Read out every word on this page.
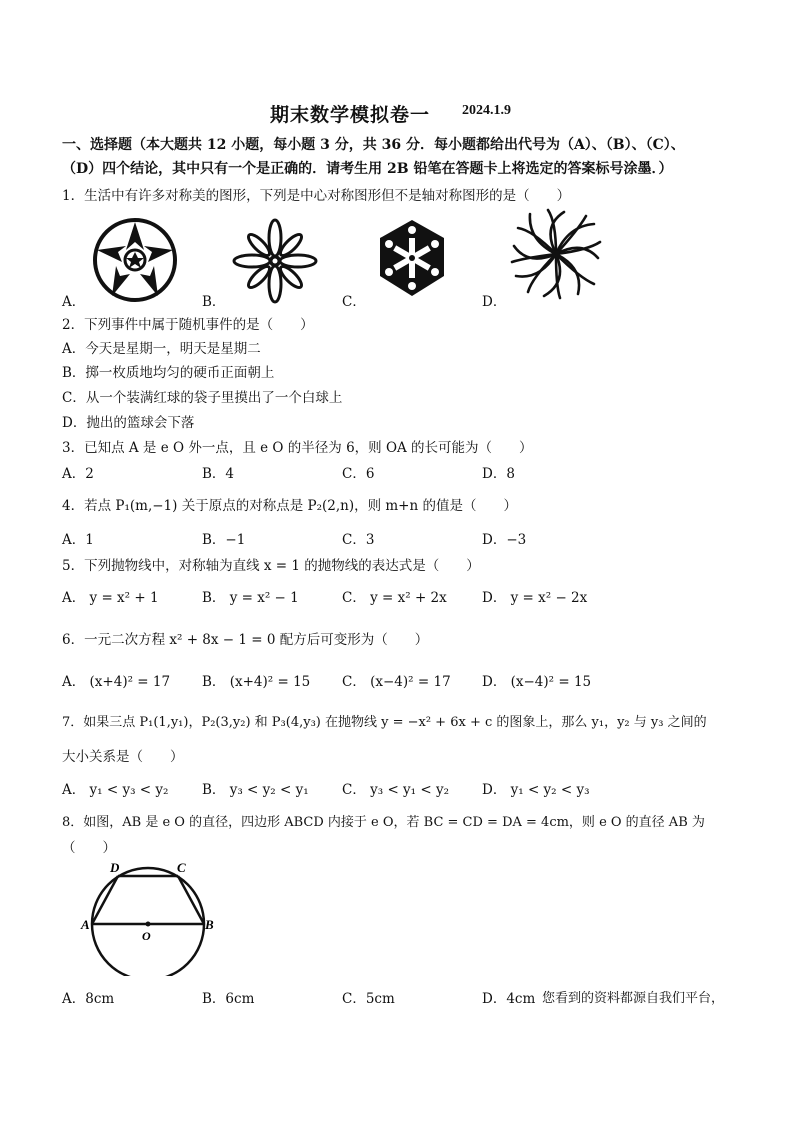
期末数学模拟卷一 2024.1.9
一、选择题（本大题共 12 小题，每小题 3 分，共 36 分．每小题都给出代号为（A）、（B）、（C）、
（D）四个结论，其中只有一个是正确的．请考生用 2B 铅笔在答题卡上将选定的答案标号涂墨．）
1．生活中有许多对称美的图形，下列是中心对称图形但不是轴对称图形的是（　　）
A．	B．	C．	D．
2．下列事件中属于随机事件的是（　　）
A．今天是星期一，明天是星期二
B．掷一枚质地均匀的硬币正面朝上
C．从一个装满红球的袋子里摸出了一个白球上
D．抛出的篮球会下落
3．已知点 A 是 e O 外一点，且 e O 的半径为 6，则 OA 的长可能为（　　）
A．2	B．4	C．6	D．8
4．若点 P₁(m,−1) 关于原点的对称点是 P₂(2,n)，则 m+n 的值是（　　）
A．1	B．−1	C．3	D．−3
5．下列抛物线中，对称轴为直线 x = 1 的抛物线的表达式是（　　）
A． y = x² + 1	B． y = x² − 1	C． y = x² + 2x	D． y = x² − 2x
6．一元二次方程 x² + 8x − 1 = 0 配方后可变形为（　　）
A． (x+4)² = 17 B． (x+4)² = 15 C． (x−4)² = 17 D． (x−4)² = 15
7．如果三点 P₁(1,y₁)，P₂(3,y₂) 和 P₃(4,y₃) 在抛物线 y = −x² + 6x + c 的图象上，那么 y₁，y₂ 与 y₃ 之间的
大小关系是（　　）
A． y₁ < y₃ < y₂ B． y₃ < y₂ < y₁ C． y₃ < y₁ < y₂ D． y₁ < y₂ < y₃
8．如图，AB 是 e O 的直径，四边形 ABCD 内接于 e O，若 BC = CD = DA = 4cm，则 e O 的直径 AB 为
（　　）
D	C
A	B
O
A．8cm	B．6cm	C．5cm	D．4cm 您看到的资料都源自我们平台，
